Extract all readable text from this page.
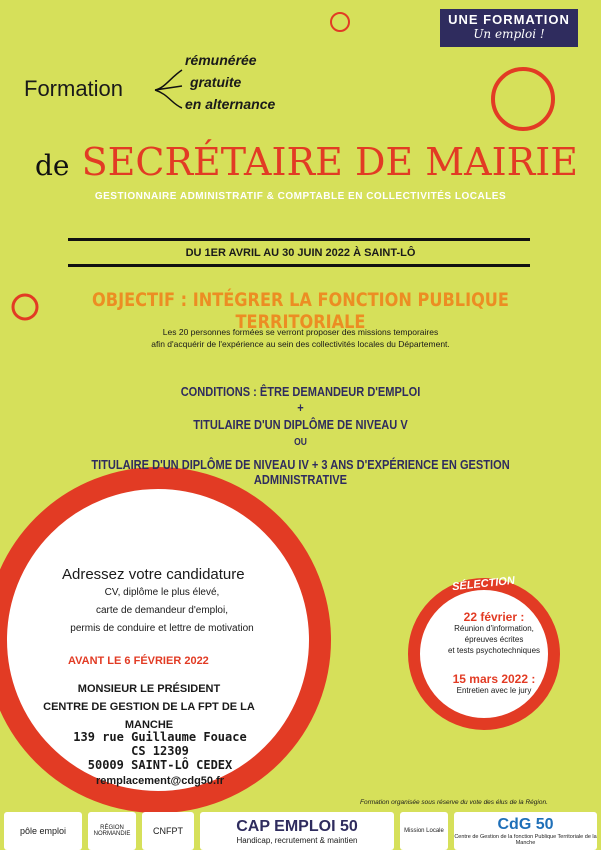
UNE FORMATION
Un emploi !
Formation
rémunérée
gratuite
en alternance
de SECRÉTAIRE DE MAIRIE
GESTIONNAIRE ADMINISTRATIF & COMPTABLE EN COLLECTIVITÉS LOCALES
DU 1ER AVRIL AU 30 JUIN 2022 À SAINT-LÔ
OBJECTIF : INTÉGRER LA FONCTION PUBLIQUE TERRITORIALE
Les 20 personnes formées se verront proposer des missions temporaires
afin d'acquérir de l'expérience au sein des collectivités locales du Département.
CONDITIONS : ÊTRE DEMANDEUR D'EMPLOI
+
TITULAIRE D'UN DIPLÔME DE NIVEAU V
OU
TITULAIRE D'UN DIPLÔME DE NIVEAU IV + 3 ANS D'EXPÉRIENCE EN GESTION ADMINISTRATIVE
COMMENT POSTULER ?
Adressez votre candidature
CV, diplôme le plus élevé,
carte de demandeur d'emploi,
permis de conduire et lettre de motivation
AVANT LE 6 FÉVRIER 2022
MONSIEUR LE PRÉSIDENT
CENTRE DE GESTION DE LA FPT DE LA MANCHE
139 rue Guillaume Fouace
CS 12309
50009 SAINT-LÔ CEDEX
remplacement@cdg50.fr
SÉLECTION
22 février :
Réunion d'information,
épreuves écrites
et tests psychotechniques
15 mars 2022 :
Entretien avec le jury
Formation organisée sous réserve du vote des élus de la Région.
pôle emploi	RÉGION NORMANDIE	CNFPT	CAP EMPLOI 50
Handicap, recrutement & maintien
Mission Locale	CdG 50
Centre de Gestion de la fonction Publique Territoriale de la Manche
